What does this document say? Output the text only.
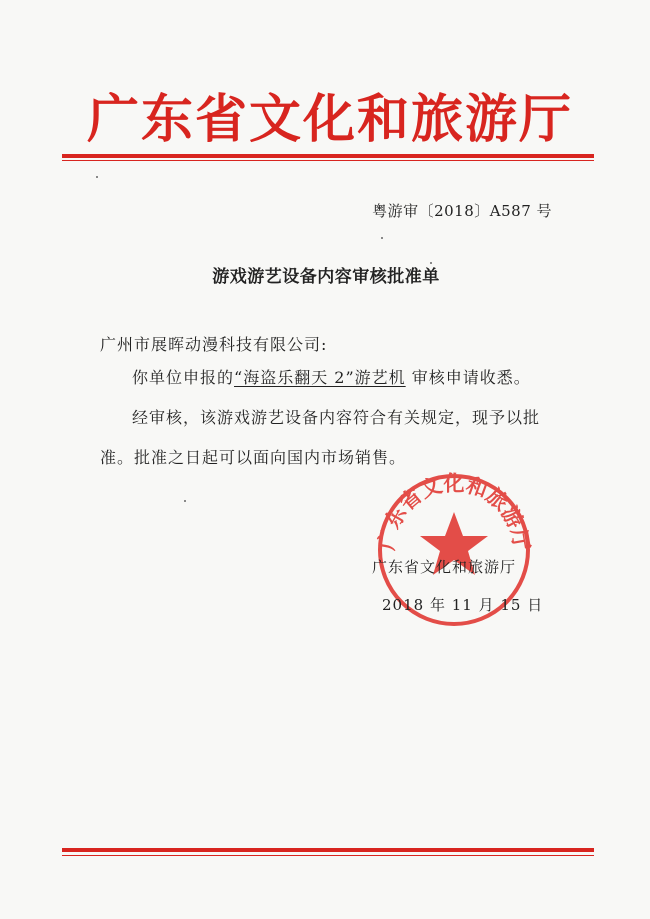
广东省文化和旅游厅
粤游审〔2018〕A587 号
游戏游艺设备内容审核批准单
广州市展晖动漫科技有限公司:
你单位申报的“海盗乐翻天 2”游艺机 审核申请收悉。
经审核，该游戏游艺设备内容符合有关规定，现予以批
准。批准之日起可以面向国内市场销售。
广东省文化和旅游厅
广东省文化和旅游厅
2018 年 11 月 15 日
